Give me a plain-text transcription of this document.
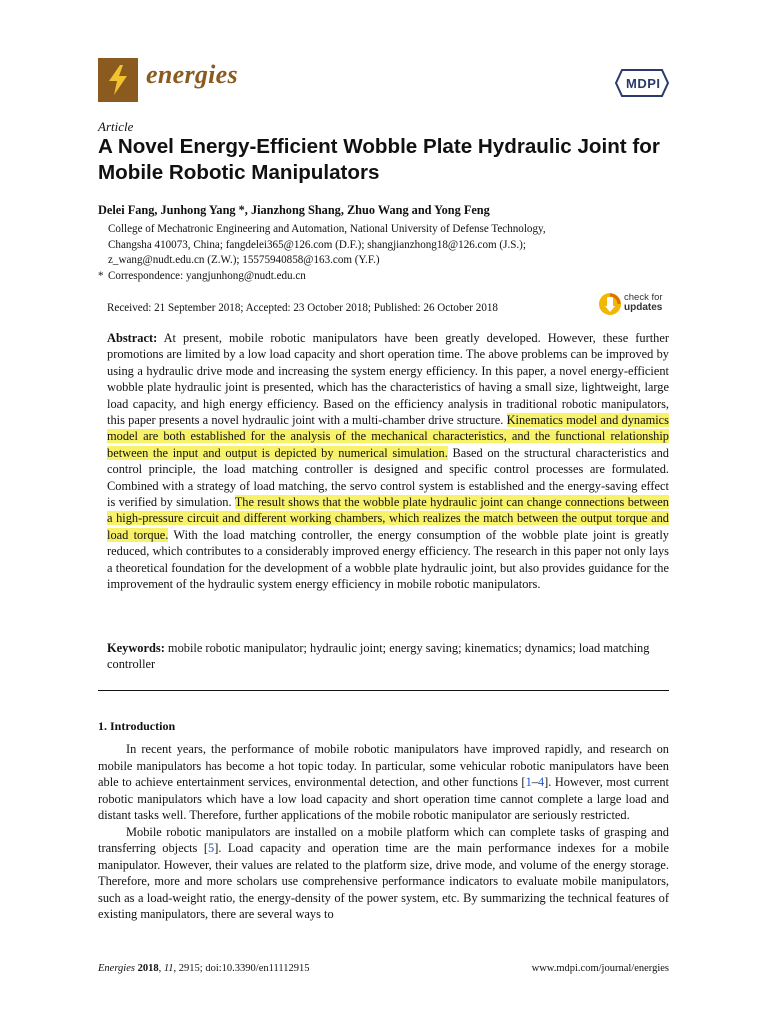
energies	MDPI
Article
A Novel Energy-Efficient Wobble Plate Hydraulic Joint for Mobile Robotic Manipulators
Delei Fang, Junhong Yang *, Jianzhong Shang, Zhuo Wang and Yong Feng
College of Mechatronic Engineering and Automation, National University of Defense Technology,
Changsha 410073, China; fangdelei365@126.com (D.F.); shangjianzhong18@126.com (J.S.);
z_wang@nudt.edu.cn (Z.W.); 15575940858@163.com (Y.F.)
* Correspondence: yangjunhong@nudt.edu.cn
Received: 21 September 2018; Accepted: 23 October 2018; Published: 26 October 2018
check for
updates
Abstract: At present, mobile robotic manipulators have been greatly developed. However, these further promotions are limited by a low load capacity and short operation time. The above problems can be improved by using a hydraulic drive mode and increasing the system energy efficiency. In this paper, a novel energy-efficient wobble plate hydraulic joint is presented, which has the characteristics of having a small size, lightweight, large load capacity, and high energy efficiency. Based on the efficiency analysis in traditional robotic manipulators, this paper presents a novel hydraulic joint with a multi-chamber drive structure. Kinematics model and dynamics model are both established for the analysis of the mechanical characteristics, and the functional relationship between the input and output is depicted by numerical simulation. Based on the structural characteristics and control principle, the load matching controller is designed and specific control processes are formulated. Combined with a strategy of load matching, the servo control system is established and the energy-saving effect is verified by simulation. The result shows that the wobble plate hydraulic joint can change connections between a high-pressure circuit and different working chambers, which realizes the match between the output torque and load torque. With the load matching controller, the energy consumption of the wobble plate joint is greatly reduced, which contributes to a considerably improved energy efficiency. The research in this paper not only lays a theoretical foundation for the development of a wobble plate hydraulic joint, but also provides guidance for the improvement of the hydraulic system energy efficiency in mobile robotic manipulators.
Keywords: mobile robotic manipulator; hydraulic joint; energy saving; kinematics; dynamics; load matching controller
1. Introduction

In recent years, the performance of mobile robotic manipulators have improved rapidly, and research on mobile manipulators has become a hot topic today. In particular, some vehicular robotic manipulators have been able to achieve entertainment services, environmental detection, and other functions [1–4]. However, most current robotic manipulators which have a low load capacity and short operation time cannot complete a large load and distant tasks well. Therefore, further applications of the mobile robotic manipulator are seriously restricted.

Mobile robotic manipulators are installed on a mobile platform which can complete tasks of grasping and transferring objects [5]. Load capacity and operation time are the main performance indexes for a mobile manipulator. However, their values are related to the platform size, drive mode, and volume of the energy storage. Therefore, more and more scholars use comprehensive performance indicators to evaluate mobile manipulators, such as a load-weight ratio, the energy-density of the power system, etc. By summarizing the technical features of existing manipulators, there are several ways to

Energies 2018, 11, 2915; doi:10.3390/en11112915	www.mdpi.com/journal/energies
